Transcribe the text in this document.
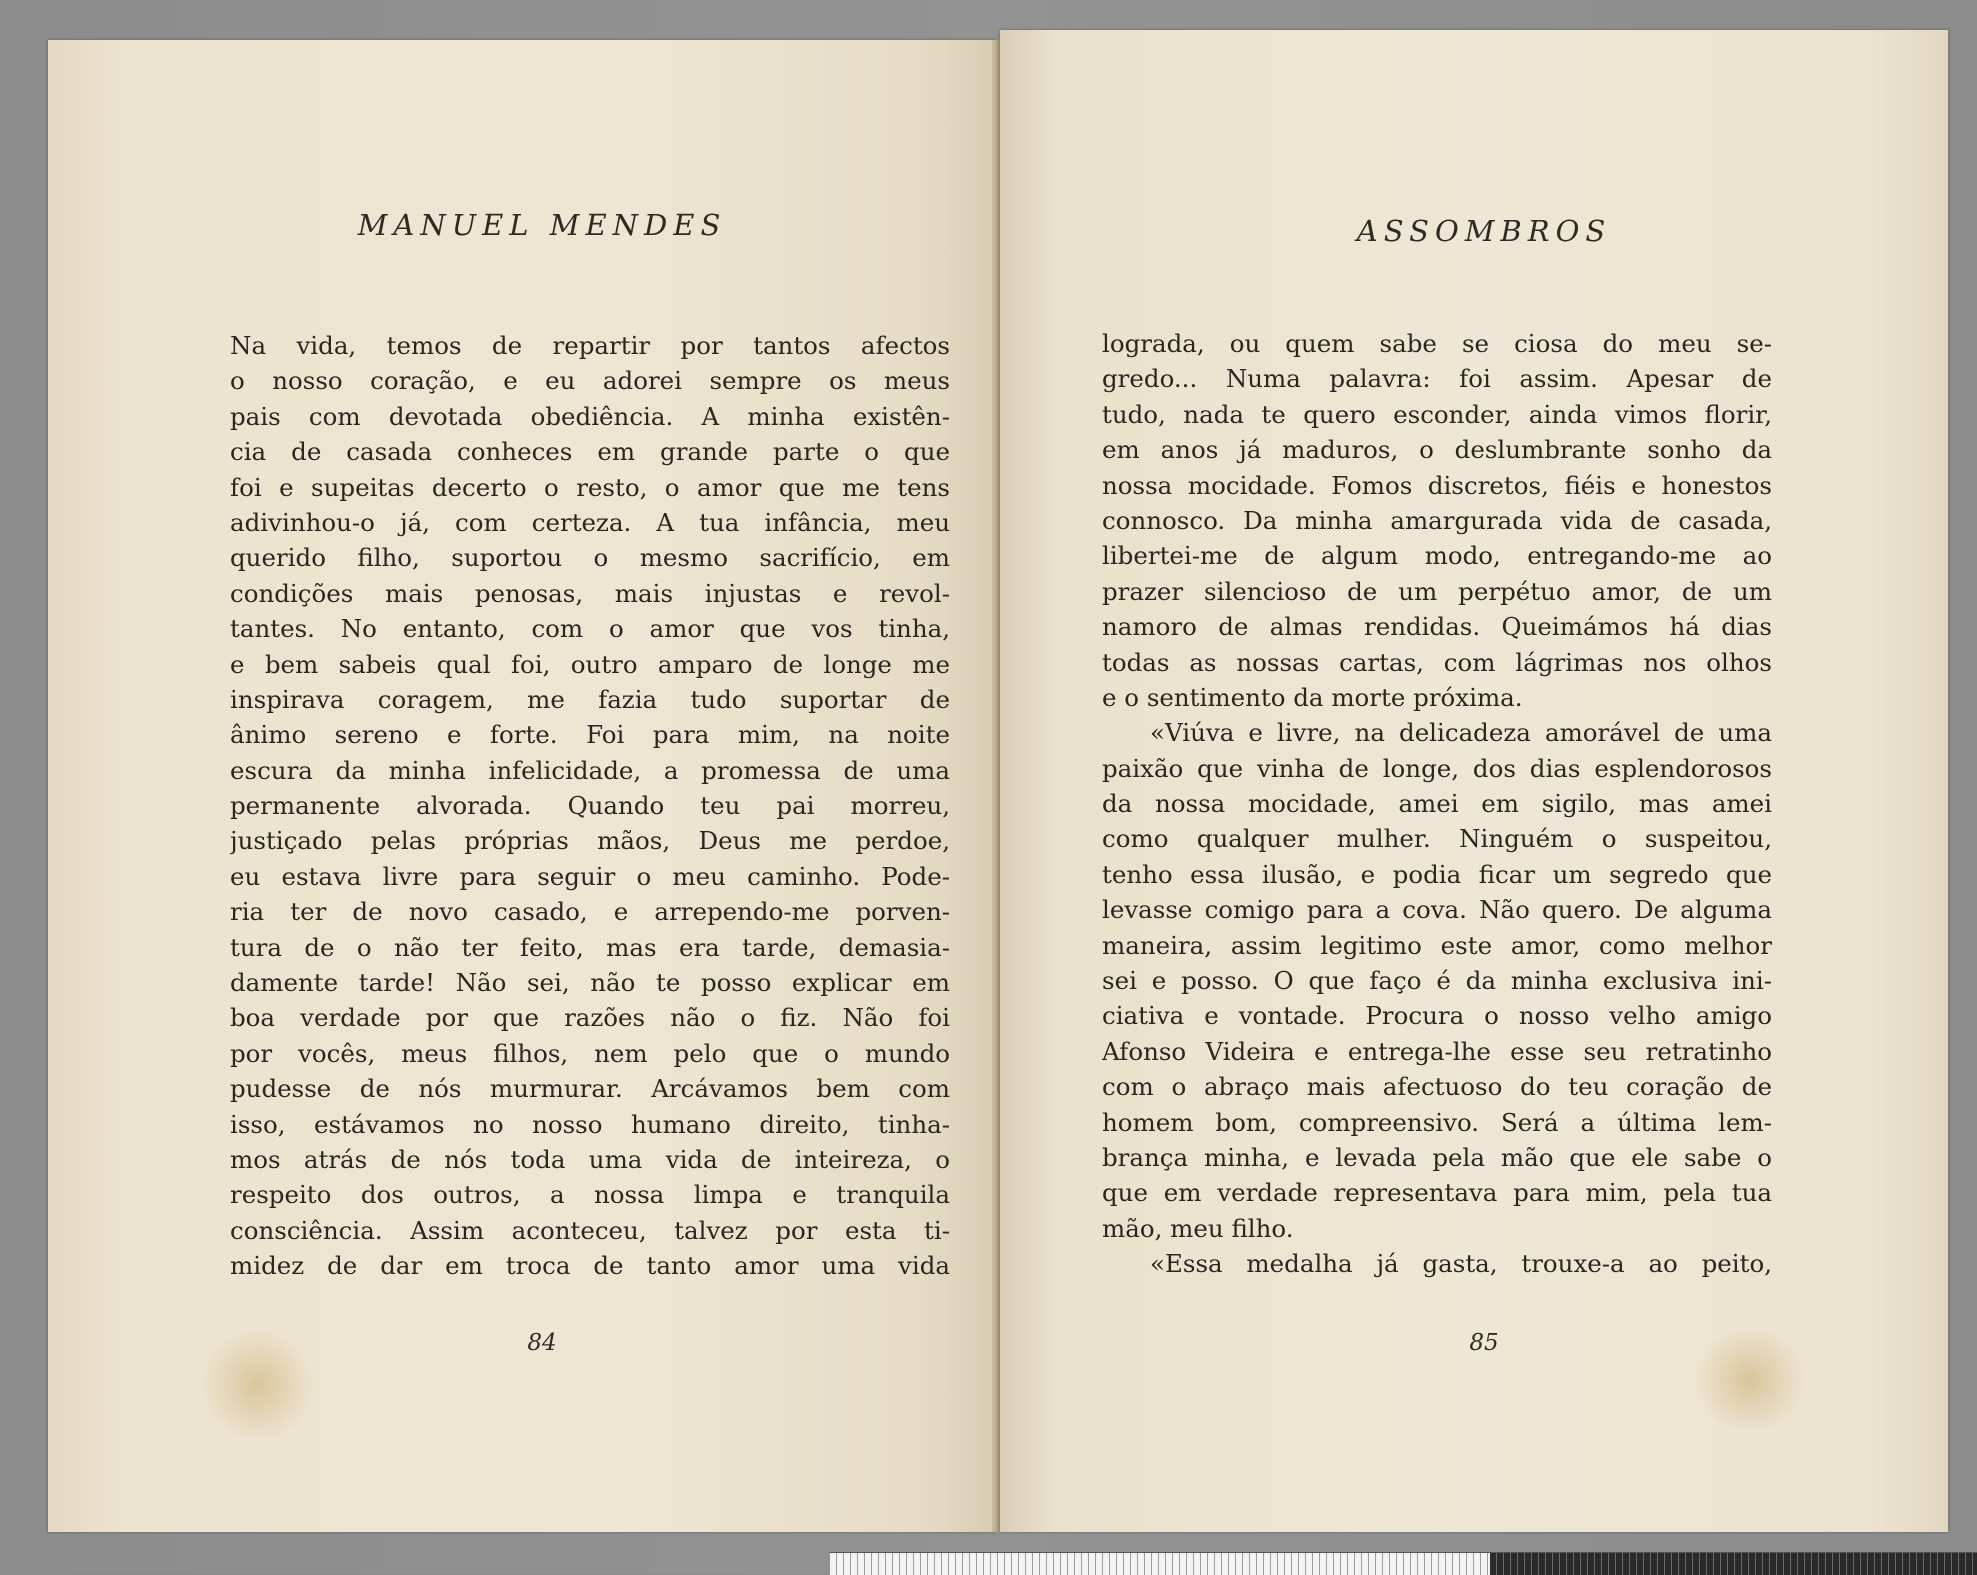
MANUEL MENDES
Na vida, temos de repartir por tantos afectos
o nosso coração, e eu adorei sempre os meus
pais com devotada obediência. A minha existên-
cia de casada conheces em grande parte o que
foi e supeitas decerto o resto, o amor que me tens
adivinhou-o já, com certeza. A tua infância, meu
querido filho, suportou o mesmo sacrifício, em
condições mais penosas, mais injustas e revol-
tantes. No entanto, com o amor que vos tinha,
e bem sabeis qual foi, outro amparo de longe me
inspirava coragem, me fazia tudo suportar de
ânimo sereno e forte. Foi para mim, na noite
escura da minha infelicidade, a promessa de uma
permanente alvorada. Quando teu pai morreu,
justiçado pelas próprias mãos, Deus me perdoe,
eu estava livre para seguir o meu caminho. Pode-
ria ter de novo casado, e arrependo-me porven-
tura de o não ter feito, mas era tarde, demasia-
damente tarde! Não sei, não te posso explicar em
boa verdade por que razões não o fiz. Não foi
por vocês, meus filhos, nem pelo que o mundo
pudesse de nós murmurar. Arcávamos bem com
isso, estávamos no nosso humano direito, tinha-
mos atrás de nós toda uma vida de inteireza, o
respeito dos outros, a nossa limpa e tranquila
consciência. Assim aconteceu, talvez por esta ti-
midez de dar em troca de tanto amor uma vida
84
ASSOMBROS
lograda, ou quem sabe se ciosa do meu se-
gredo... Numa palavra: foi assim. Apesar de
tudo, nada te quero esconder, ainda vimos florir,
em anos já maduros, o deslumbrante sonho da
nossa mocidade. Fomos discretos, fiéis e honestos
connosco. Da minha amargurada vida de casada,
libertei-me de algum modo, entregando-me ao
prazer silencioso de um perpétuo amor, de um
namoro de almas rendidas. Queimámos há dias
todas as nossas cartas, com lágrimas nos olhos
e o sentimento da morte próxima.
«Viúva e livre, na delicadeza amorável de uma
paixão que vinha de longe, dos dias esplendorosos
da nossa mocidade, amei em sigilo, mas amei
como qualquer mulher. Ninguém o suspeitou,
tenho essa ilusão, e podia ficar um segredo que
levasse comigo para a cova. Não quero. De alguma
maneira, assim legitimo este amor, como melhor
sei e posso. O que faço é da minha exclusiva ini-
ciativa e vontade. Procura o nosso velho amigo
Afonso Videira e entrega-lhe esse seu retratinho
com o abraço mais afectuoso do teu coração de
homem bom, compreensivo. Será a última lem-
brança minha, e levada pela mão que ele sabe o
que em verdade representava para mim, pela tua
mão, meu filho.
«Essa medalha já gasta, trouxe-a ao peito,
85
